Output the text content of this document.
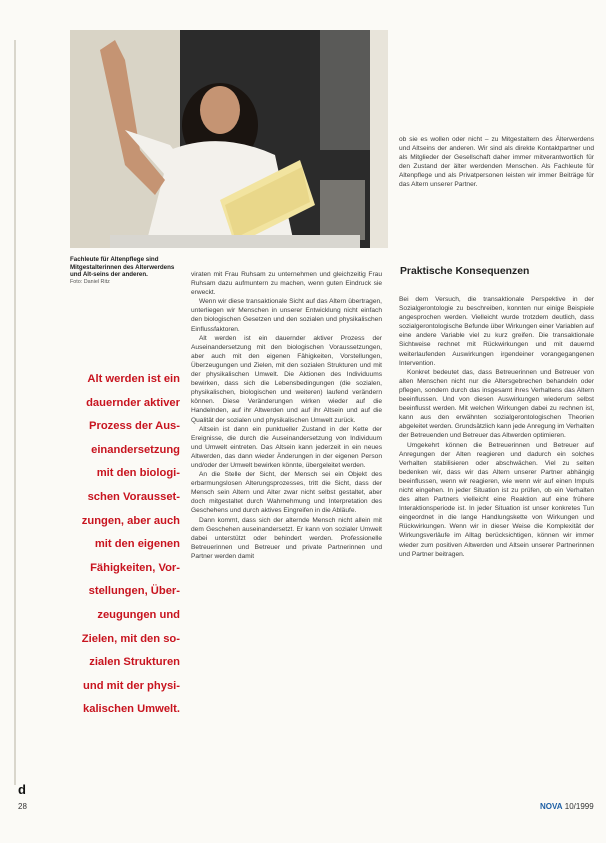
Fachleute für Altenpflege sind Mitgestalterinnen des Alterwerdens und Alt-seins der anderen.
Foto: Daniel Ritz
Alt werden ist ein
dauernder aktiver
Prozess der Aus-
einandersetzung
mit den biologi-
schen Vorausset-
zungen, aber auch
mit den eigenen
Fähigkeiten, Vor-
stellungen, Über-
zeugungen und
Zielen, mit den so-
zialen Strukturen
und mit der physi-
kalischen Umwelt.

viraten mit Frau Ruhsam zu unternehmen und gleichzeitig Frau Ruhsam dazu aufmuntern zu machen, wenn guten Eindruck sie erweckt.

Wenn wir diese transaktionale Sicht auf das Altern übertragen, unterliegen wir Menschen in unserer Entwicklung nicht einfach den biologischen Gesetzen und den sozialen und physikalischen Einflussfaktoren.

Alt werden ist ein dauernder aktiver Prozess der Auseinandersetzung mit den biologischen Voraussetzungen, aber auch mit den eigenen Fähigkeiten, Vorstellungen, Überzeugungen und Zielen, mit den sozialen Strukturen und mit der physikalischen Umwelt. Die Aktionen des Individuums bewirken, dass sich die Lebensbedingungen (die sozialen, physikalischen, biologischen und weiteren) laufend verändern können. Diese Veränderungen wirken wieder auf die Handelnden, auf ihr Altwerden und auf ihr Altsein und auf die Qualität der sozialen und physikalischen Umwelt zurück.

Altsein ist dann ein punktueller Zustand in der Kette der Ereignisse, die durch die Auseinandersetzung von Individuum und Umwelt eintreten. Das Altsein kann jederzeit in ein neues Altwerden, das dann wieder Änderungen in der eigenen Person und/oder der Umwelt bewirken könnte, übergeleitet werden.

An die Stelle der Sicht, der Mensch sei ein Objekt des erbarmungslosen Alterungsprozesses, tritt die Sicht, dass der Mensch sein Altern und Alter zwar nicht selbst gestaltet, aber doch mitgestaltet durch Wahrnehmung und Interpretation des Geschehens und durch aktives Eingreifen in die Abläufe.

Dann kommt, dass sich der alternde Mensch nicht allein mit dem Geschehen auseinandersetzt. Er kann von sozialer Umwelt dabei unterstützt oder behindert werden. Professionelle Betreuerinnen und Betreuer und private Partnerinnen und Partner werden damit

ob sie es wollen oder nicht – zu Mitgestaltern des Älterwerdens und Altseins der anderen. Wir sind als direkte Kontaktpartner und als Mitglieder der Gesellschaft daher immer mitverantwortlich für den Zustand der älter werdenden Menschen. Als Fachleute für Altenpflege und als Privatpersonen leisten wir immer Beiträge für das Altern unserer Partner.

Praktische Konsequenzen

Bei dem Versuch, die transaktionale Perspektive in der Sozialgerontologie zu beschreiben, konnten nur einige Beispiele angesprochen werden. Vielleicht wurde trotzdem deutlich, dass sozialgerontologische Befunde über Wirkungen einer Variablen auf eine andere Variable viel zu kurz greifen. Die transaktionale Sichtweise rechnet mit Rückwirkungen und mit dauernd weiterlaufenden Auswirkungen irgendeiner vorangegangenen Intervention.

Konkret bedeutet das, dass Betreuerinnen und Betreuer von alten Menschen nicht nur die Altersgebrechen behandeln oder pflegen, sondern durch das insgesamt ihres Verhaltens das Altern beeinflussen. Und von diesen Auswirkungen wiederum selbst beeinflusst werden. Mit welchen Wirkungen dabei zu rechnen ist, kann aus den erwähnten sozialgerontologischen Theorien abgeleitet werden. Grundsätzlich kann jede Anregung im Verhalten der Betreuenden und Betreuer das Altwerden optimieren.

Umgekehrt können die Betreuerinnen und Betreuer auf Anregungen der Alten reagieren und dadurch ein solches Verhalten stabilisieren oder abschwächen. Viel zu selten bedenken wir, dass wir das Altern unserer Partner abhängig beeinflussen, wenn wir reagieren, wie wenn wir auf einen Impuls nicht eingehen. In jeder Situation ist zu prüfen, ob ein Verhalten des alten Partners vielleicht eine Reaktion auf eine frühere Interaktionsperiode ist. In jeder Situation ist unser konkretes Tun eingeordnet in die lange Handlungskette von Wirkungen und Rückwirkungen. Wenn wir in dieser Weise die Komplexität der Wirkungsverläufe im Alltag berücksichtigen, können wir immer wieder zum positiven Altwerden und Altsein unserer Partnerinnen und Partner beitragen.

d
28	NOVA 10/1999
